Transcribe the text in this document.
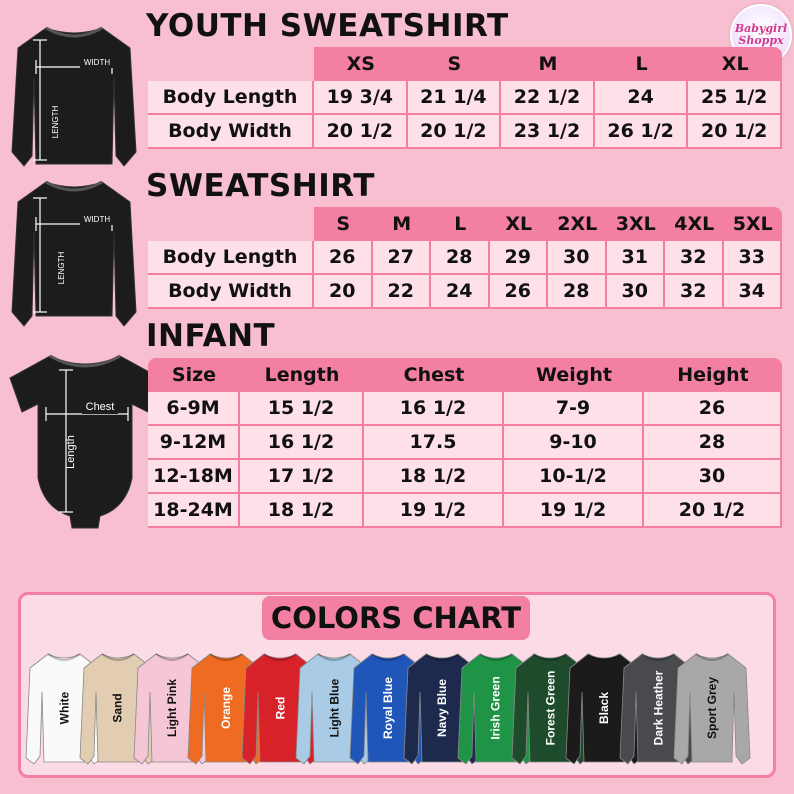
Babygirl
Shoppx
YOUTH SWEATSHIRT
WIDTH
LENGTH
XS	S	M	L	XL
Body Length	19 3/4	21 1/4	22 1/2	24	25 1/2
Body Width	20 1/2	20 1/2	23 1/2	26 1/2	20 1/2
SWEATSHIRT
WIDTH
LENGTH
S	M	L	XL	2XL 3XL 4XL 5XL
Body Length	26	27	28	29	30	31	32	33
Body Width	20	22	24	26	28	30	32	34
INFANT
Chest
Length
Size	Length	Chest	Weight	Height
6-9M	15 1/2	16 1/2	7-9	26
9-12M	16 1/2	17.5	9-10	28
12-18M	17 1/2	18 1/2	10-1/2	30
18-24M	18 1/2	19 1/2	19 1/2	20 1/2
COLORS CHART
White	Sand	Light Pink	Orange	Red	Light Blue	Royal Blue	Navy Blue	Irish Green	Forest Green	Black	Dark Heather	Sport Grey
